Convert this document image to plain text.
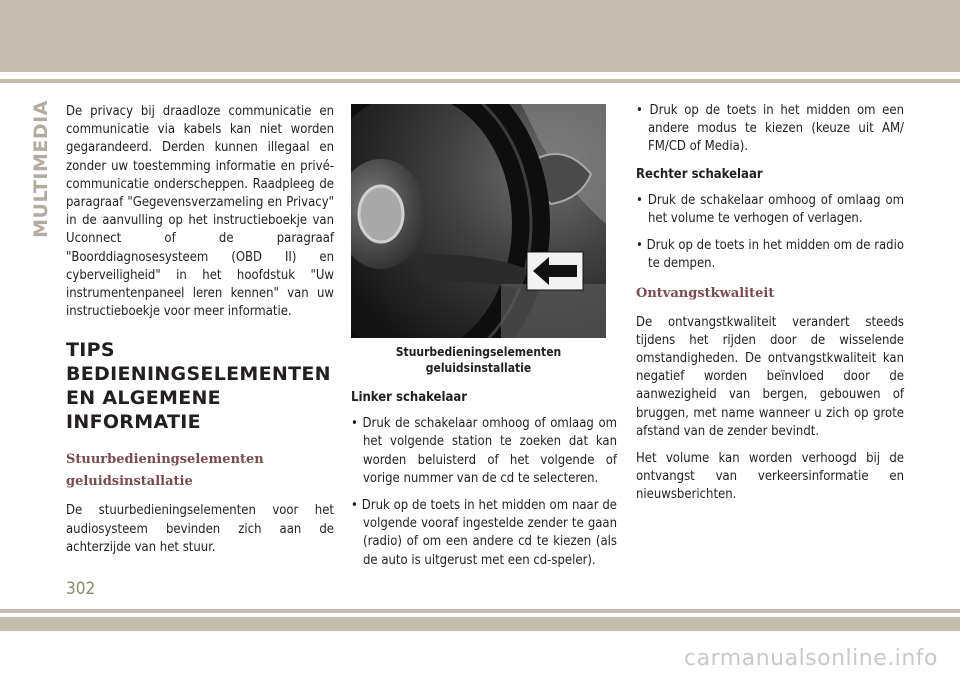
MULTIMEDIA De privacy bij draadloze communicatie en communicatie via kabels kan niet worden gegarandeerd. Derden kunnen illegaal en zonder uw toestemming informatie en privé-communicatie onderscheppen. Raadpleeg de paragraaf "Gegevensverzameling en Privacy" in de aanvulling op het instructieboekje van Uconnect of de paragraaf "Boorddiagnosesysteem (OBD II) en cyberveiligheid" in het hoofdstuk "Uw instrumentenpaneel leren kennen" van uw instructieboekje voor meer informatie.

TIPS BEDIENINGSELEMENTEN EN ALGEMENE INFORMATIE
Stuurbedieningselementen geluidsinstallatie

De stuurbedieningselementen voor het audiosysteem bevinden zich aan de achterzijde van het stuur.

Stuurbedieningselementen geluidsinstallatie
Linker schakelaar

• Druk de schakelaar omhoog of omlaag om het volgende station te zoeken dat kan worden beluisterd of het volgende of vorige nummer van de cd te selecteren.

• Druk op de toets in het midden om naar de volgende vooraf ingestelde zender te gaan (radio) of om een andere cd te kiezen (als de auto is uitgerust met een cd-speler).

• Druk op de toets in het midden om een andere modus te kiezen (keuze uit AM/ FM/CD of Media).

Rechter schakelaar

• Druk de schakelaar omhoog of omlaag om het volume te verhogen of verlagen.

• Druk op de toets in het midden om de radio te dempen.

Ontvangstkwaliteit

De ontvangstkwaliteit verandert steeds tijdens het rijden door de wisselende omstandigheden. De ontvangstkwaliteit kan negatief worden beïnvloed door de aanwezigheid van bergen, gebouwen of bruggen, met name wanneer u zich op grote afstand van de zender bevindt.

Het volume kan worden verhoogd bij de ontvangst van verkeersinformatie en nieuwsberichten.

302
carmanualsonline.info
